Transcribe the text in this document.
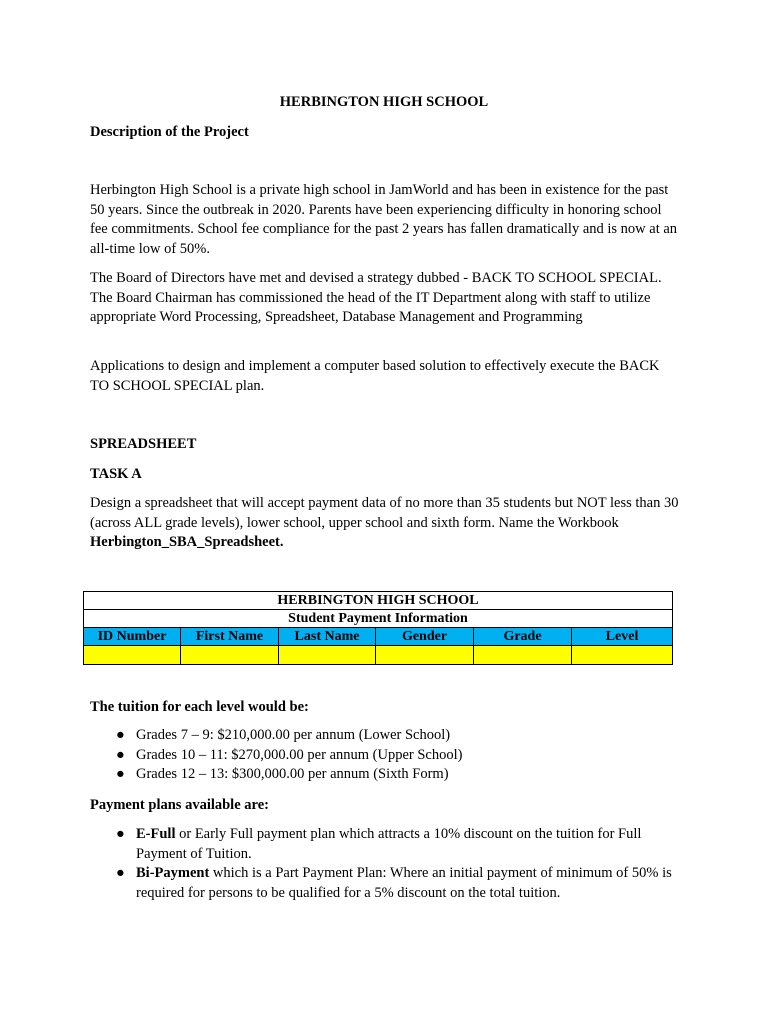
HERBINGTON HIGH SCHOOL
Description of the Project
Herbington High School is a private high school in JamWorld and has been in existence for the past 50 years. Since the outbreak in 2020. Parents have been experiencing difficulty in honoring school fee commitments. School fee compliance for the past 2 years has fallen dramatically and is now at an all-time low of 50%.
The Board of Directors have met and devised a strategy dubbed - BACK TO SCHOOL SPECIAL. The Board Chairman has commissioned the head of the IT Department along with staff to utilize appropriate Word Processing, Spreadsheet, Database Management and Programming
Applications to design and implement a computer based solution to effectively execute the BACK TO SCHOOL SPECIAL plan.
SPREADSHEET
TASK A
Design a spreadsheet that will accept payment data of no more than 35 students but NOT less than 30 (across ALL grade levels), lower school, upper school and sixth form. Name the Workbook Herbington_SBA_Spreadsheet.
HERBINGTON HIGH SCHOOL					
Student Payment Information					
ID Number	First Name	Last Name	Gender	Grade	Level

The tuition for each level would be:
● Grades 7 – 9: $210,000.00 per annum (Lower School)
● Grades 10 – 11: $270,000.00 per annum (Upper School)
● Grades 12 – 13: $300,000.00 per annum (Sixth Form)
Payment plans available are:
● E-Full or Early Full payment plan which attracts a 10% discount on the tuition for Full Payment of Tuition.
● Bi-Payment which is a Part Payment Plan: Where an initial payment of minimum of 50% is required for persons to be qualified for a 5% discount on the total tuition.
